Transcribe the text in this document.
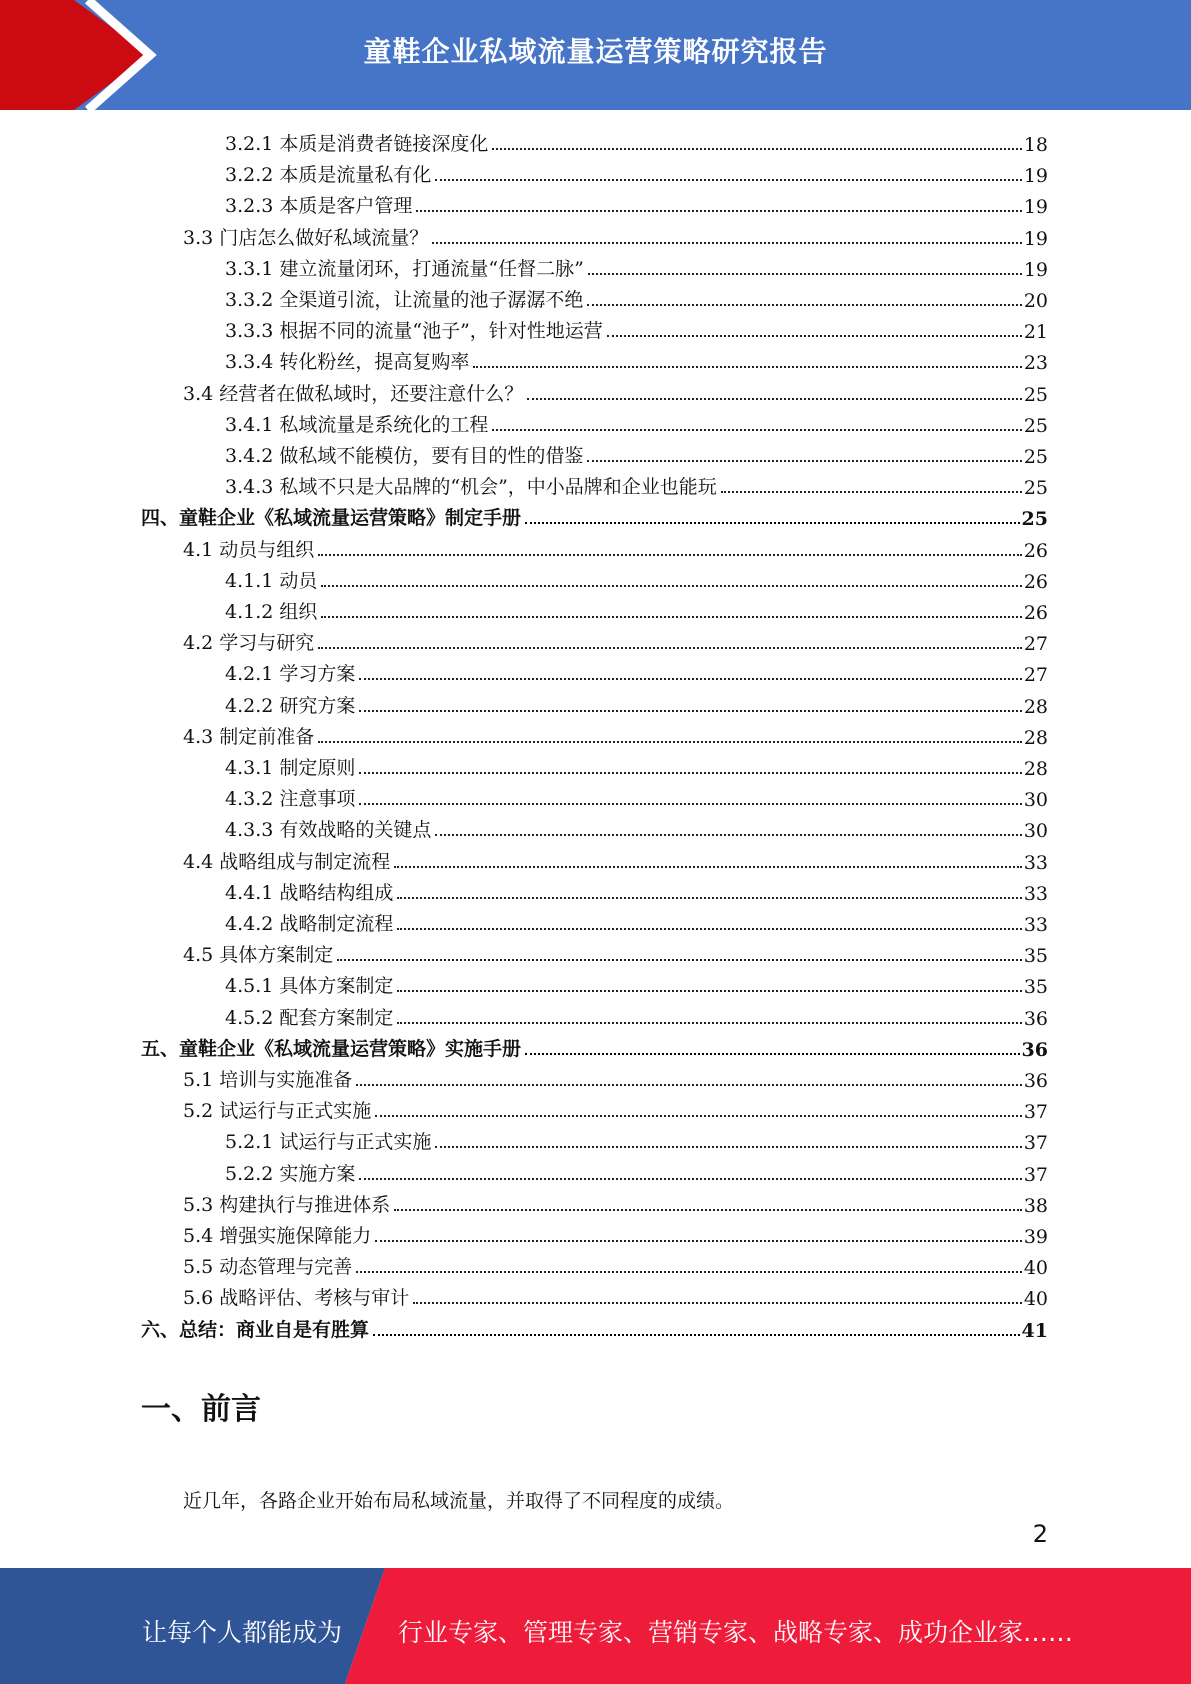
童鞋企业私域流量运营策略研究报告
3.2.1 本质是消费者链接深度化	18
3.2.2 本质是流量私有化	19
3.2.3 本质是客户管理	19
3.3 门店怎么做好私域流量？	19
3.3.1 建立流量闭环，打通流量“任督二脉”	19
3.3.2 全渠道引流，让流量的池子潺潺不绝	20
3.3.3 根据不同的流量“池子”，针对性地运营	21
3.3.4 转化粉丝，提高复购率	23
3.4 经营者在做私域时，还要注意什么？	25
3.4.1 私域流量是系统化的工程	25
3.4.2 做私域不能模仿，要有目的性的借鉴	25
3.4.3 私域不只是大品牌的“机会”，中小品牌和企业也能玩	25
四、童鞋企业《私域流量运营策略》制定手册	25
4.1 动员与组织	26
4.1.1 动员	26
4.1.2 组织	26
4.2 学习与研究	27
4.2.1 学习方案	27
4.2.2 研究方案	28
4.3 制定前准备	28
4.3.1 制定原则	28
4.3.2 注意事项	30
4.3.3 有效战略的关键点	30
4.4 战略组成与制定流程	33
4.4.1 战略结构组成	33
4.4.2 战略制定流程	33
4.5 具体方案制定	35
4.5.1 具体方案制定	35
4.5.2 配套方案制定	36
五、童鞋企业《私域流量运营策略》实施手册	36
5.1 培训与实施准备	36
5.2 试运行与正式实施	37
5.2.1 试运行与正式实施	37
5.2.2 实施方案	37
5.3 构建执行与推进体系	38
5.4 增强实施保障能力	39
5.5 动态管理与完善	40
5.6 战略评估、考核与审计	40
六、总结：商业自是有胜算	41
一、前言
近几年，各路企业开始布局私域流量，并取得了不同程度的成绩。
2
让每个人都能成为 行业专家、管理专家、营销专家、战略专家、成功企业家……
